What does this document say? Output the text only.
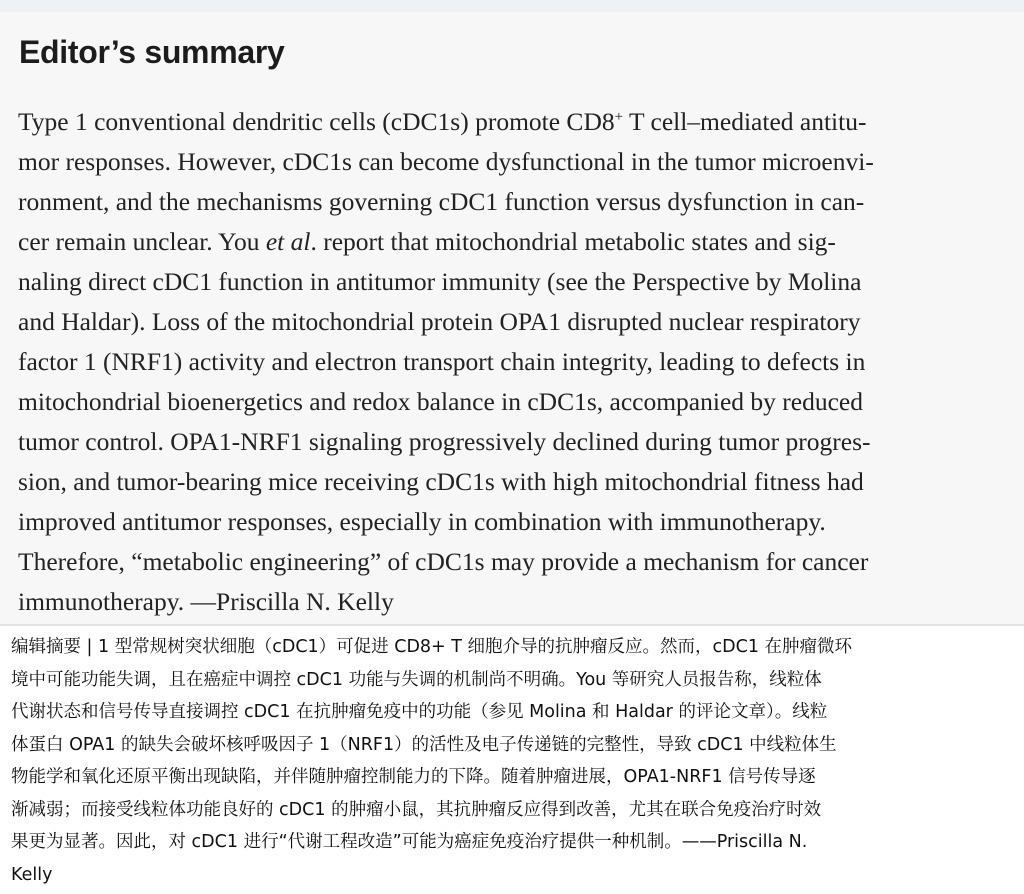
Editor’s summary
Type 1 conventional dendritic cells (cDC1s) promote CD8+ T cell–mediated antitu-
mor responses. However, cDC1s can become dysfunctional in the tumor microenvi-
ronment, and the mechanisms governing cDC1 function versus dysfunction in can-
cer remain unclear. You et al. report that mitochondrial metabolic states and sig-
naling direct cDC1 function in antitumor immunity (see the Perspective by Molina
and Haldar). Loss of the mitochondrial protein OPA1 disrupted nuclear respiratory
factor 1 (NRF1) activity and electron transport chain integrity, leading to defects in
mitochondrial bioenergetics and redox balance in cDC1s, accompanied by reduced
tumor control. OPA1-NRF1 signaling progressively declined during tumor progres-
sion, and tumor-bearing mice receiving cDC1s with high mitochondrial fitness had
improved antitumor responses, especially in combination with immunotherapy.
Therefore, “metabolic engineering” of cDC1s may provide a mechanism for cancer
immunotherapy. —Priscilla N. Kelly
编辑摘要 | 1 型常规树突状细胞（cDC1）可促进 CD8+ T 细胞介导的抗肿瘤反应。然而，cDC1 在肿瘤微环
境中可能功能失调，且在癌症中调控 cDC1 功能与失调的机制尚不明确。You 等研究人员报告称，线粒体
代谢状态和信号传导直接调控 cDC1 在抗肿瘤免疫中的功能（参见 Molina 和 Haldar 的评论文章）。线粒
体蛋白 OPA1 的缺失会破坏核呼吸因子 1（NRF1）的活性及电子传递链的完整性，导致 cDC1 中线粒体生
物能学和氧化还原平衡出现缺陷，并伴随肿瘤控制能力的下降。随着肿瘤进展，OPA1-NRF1 信号传导逐
渐减弱；而接受线粒体功能良好的 cDC1 的肿瘤小鼠，其抗肿瘤反应得到改善，尤其在联合免疫治疗时效
果更为显著。因此，对 cDC1 进行“代谢工程改造”可能为癌症免疫治疗提供一种机制。——Priscilla N.
Kelly
